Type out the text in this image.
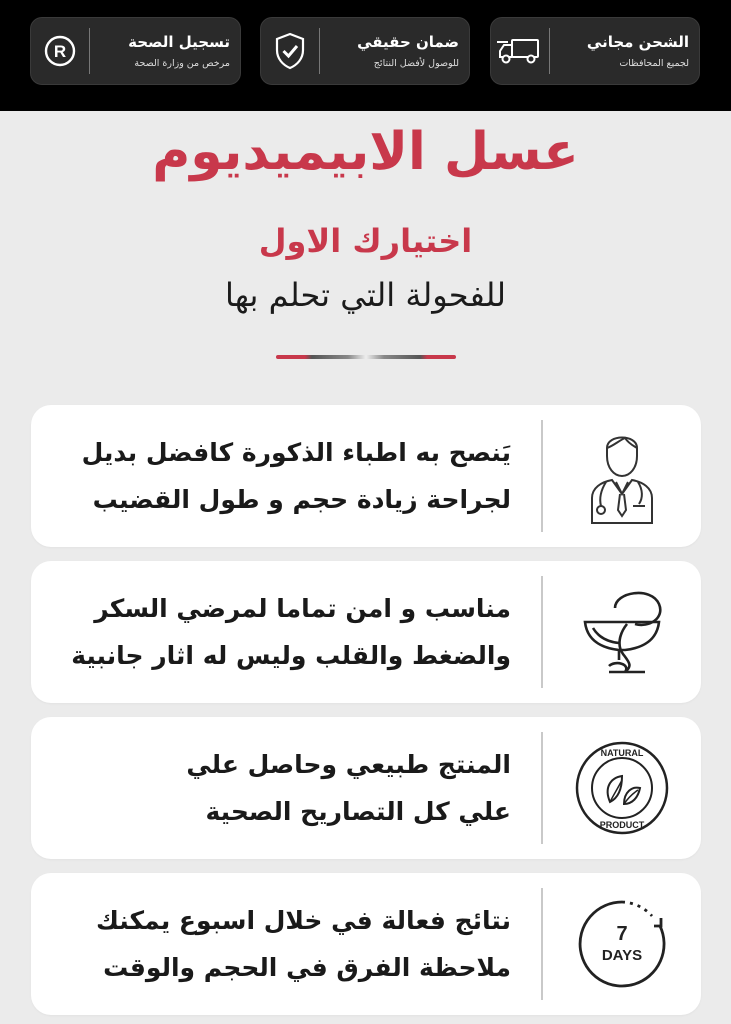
الشحن مجاني
لجميع المحافظات
ضمان حقيقي
للوصول لأفضل النتائج
R	تسجيل الصحة
مرخص من وزارة الصحة
عسل الابيميديوم
اختيارك الاول
للفحولة التي تحلم بها
يَنصح به اطباء الذكورة كافضل بديل
لجراحة زيادة حجم و طول القضيب
مناسب و امن تماما لمرضي السكر
والضغط والقلب وليس له اثار جانبية
المنتج طبيعي وحاصل علي
علي كل التصاريح الصحية
NATURAL
PRODUCT
نتائج فعالة في خلال اسبوع يمكنك
ملاحظة الفرق في الحجم والوقت
7
DAYS
